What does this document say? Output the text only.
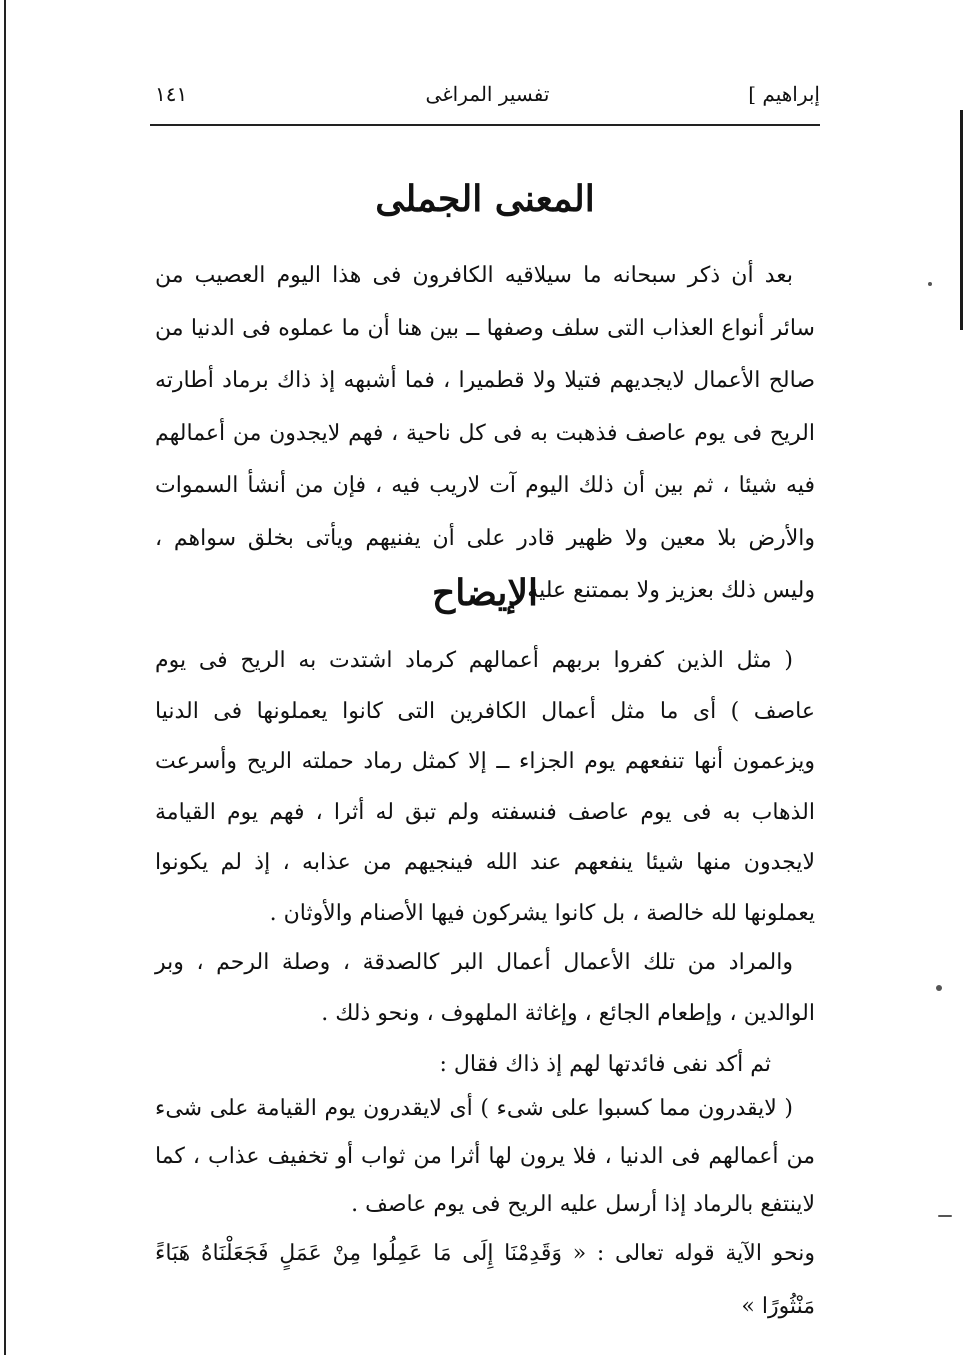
إبراهيم ]
تفسير المراغى
١٤١
المعنى الجملى
بعد أن ذكر سبحانه ما سيلاقيه الكافرون فى هذا اليوم العصيب من سائر أنواع العذاب التى سلف وصفها ــ بين هنا أن ما عملوه فى الدنيا من صالح الأعمال لايجديهم فتيلا ولا قطميرا ، فما أشبهه إذ ذاك برماد أطارته الريح فى يوم عاصف فذهبت به فى كل ناحية ، فهم لايجدون من أعمالهم فيه شيئا ، ثم بين أن ذلك اليوم آت لاريب فيه ، فإن من أنشأ السموات والأرض بلا معين ولا ظهير قادر على أن يفنيهم ويأتى بخلق سواهم ، وليس ذلك بعزيز ولا بممتنع عليه .
الإيضاح
( مثل الذين كفروا بربهم أعمالهم كرماد اشتدت به الريح فى يوم عاصف ) أى ما مثل أعمال الكافرين التى كانوا يعملونها فى الدنيا ويزعمون أنها تنفعهم يوم الجزاء ــ إلا كمثل رماد حملته الريح وأسرعت الذهاب به فى يوم عاصف فنسفته ولم تبق له أثرا ، فهم يوم القيامة لايجدون منها شيئا ينفعهم عند الله فينجيهم من عذابه ، إذ لم يكونوا يعملونها لله خالصة ، بل كانوا يشركون فيها الأصنام والأوثان .
والمراد من تلك الأعمال أعمال البر كالصدقة ، وصلة الرحم ، وبر الوالدين ، وإطعام الجائع ، وإغاثة الملهوف ، ونحو ذلك .
ثم أكد نفى فائدتها لهم إذ ذاك فقال :
( لايقدرون مما كسبوا على شىء ) أى لايقدرون يوم القيامة على شىء من أعمالهم فى الدنيا ، فلا يرون لها أثرا من ثواب أو تخفيف عذاب ، كما لاينتفع بالرماد إذا أرسل عليه الريح فى يوم عاصف .
ونحو الآية قوله تعالى : « وَقَدِمْنَا إِلَى مَا عَمِلُوا مِنْ عَمَلٍ فَجَعَلْنَاهُ هَبَاءً مَنْثُورًا »
